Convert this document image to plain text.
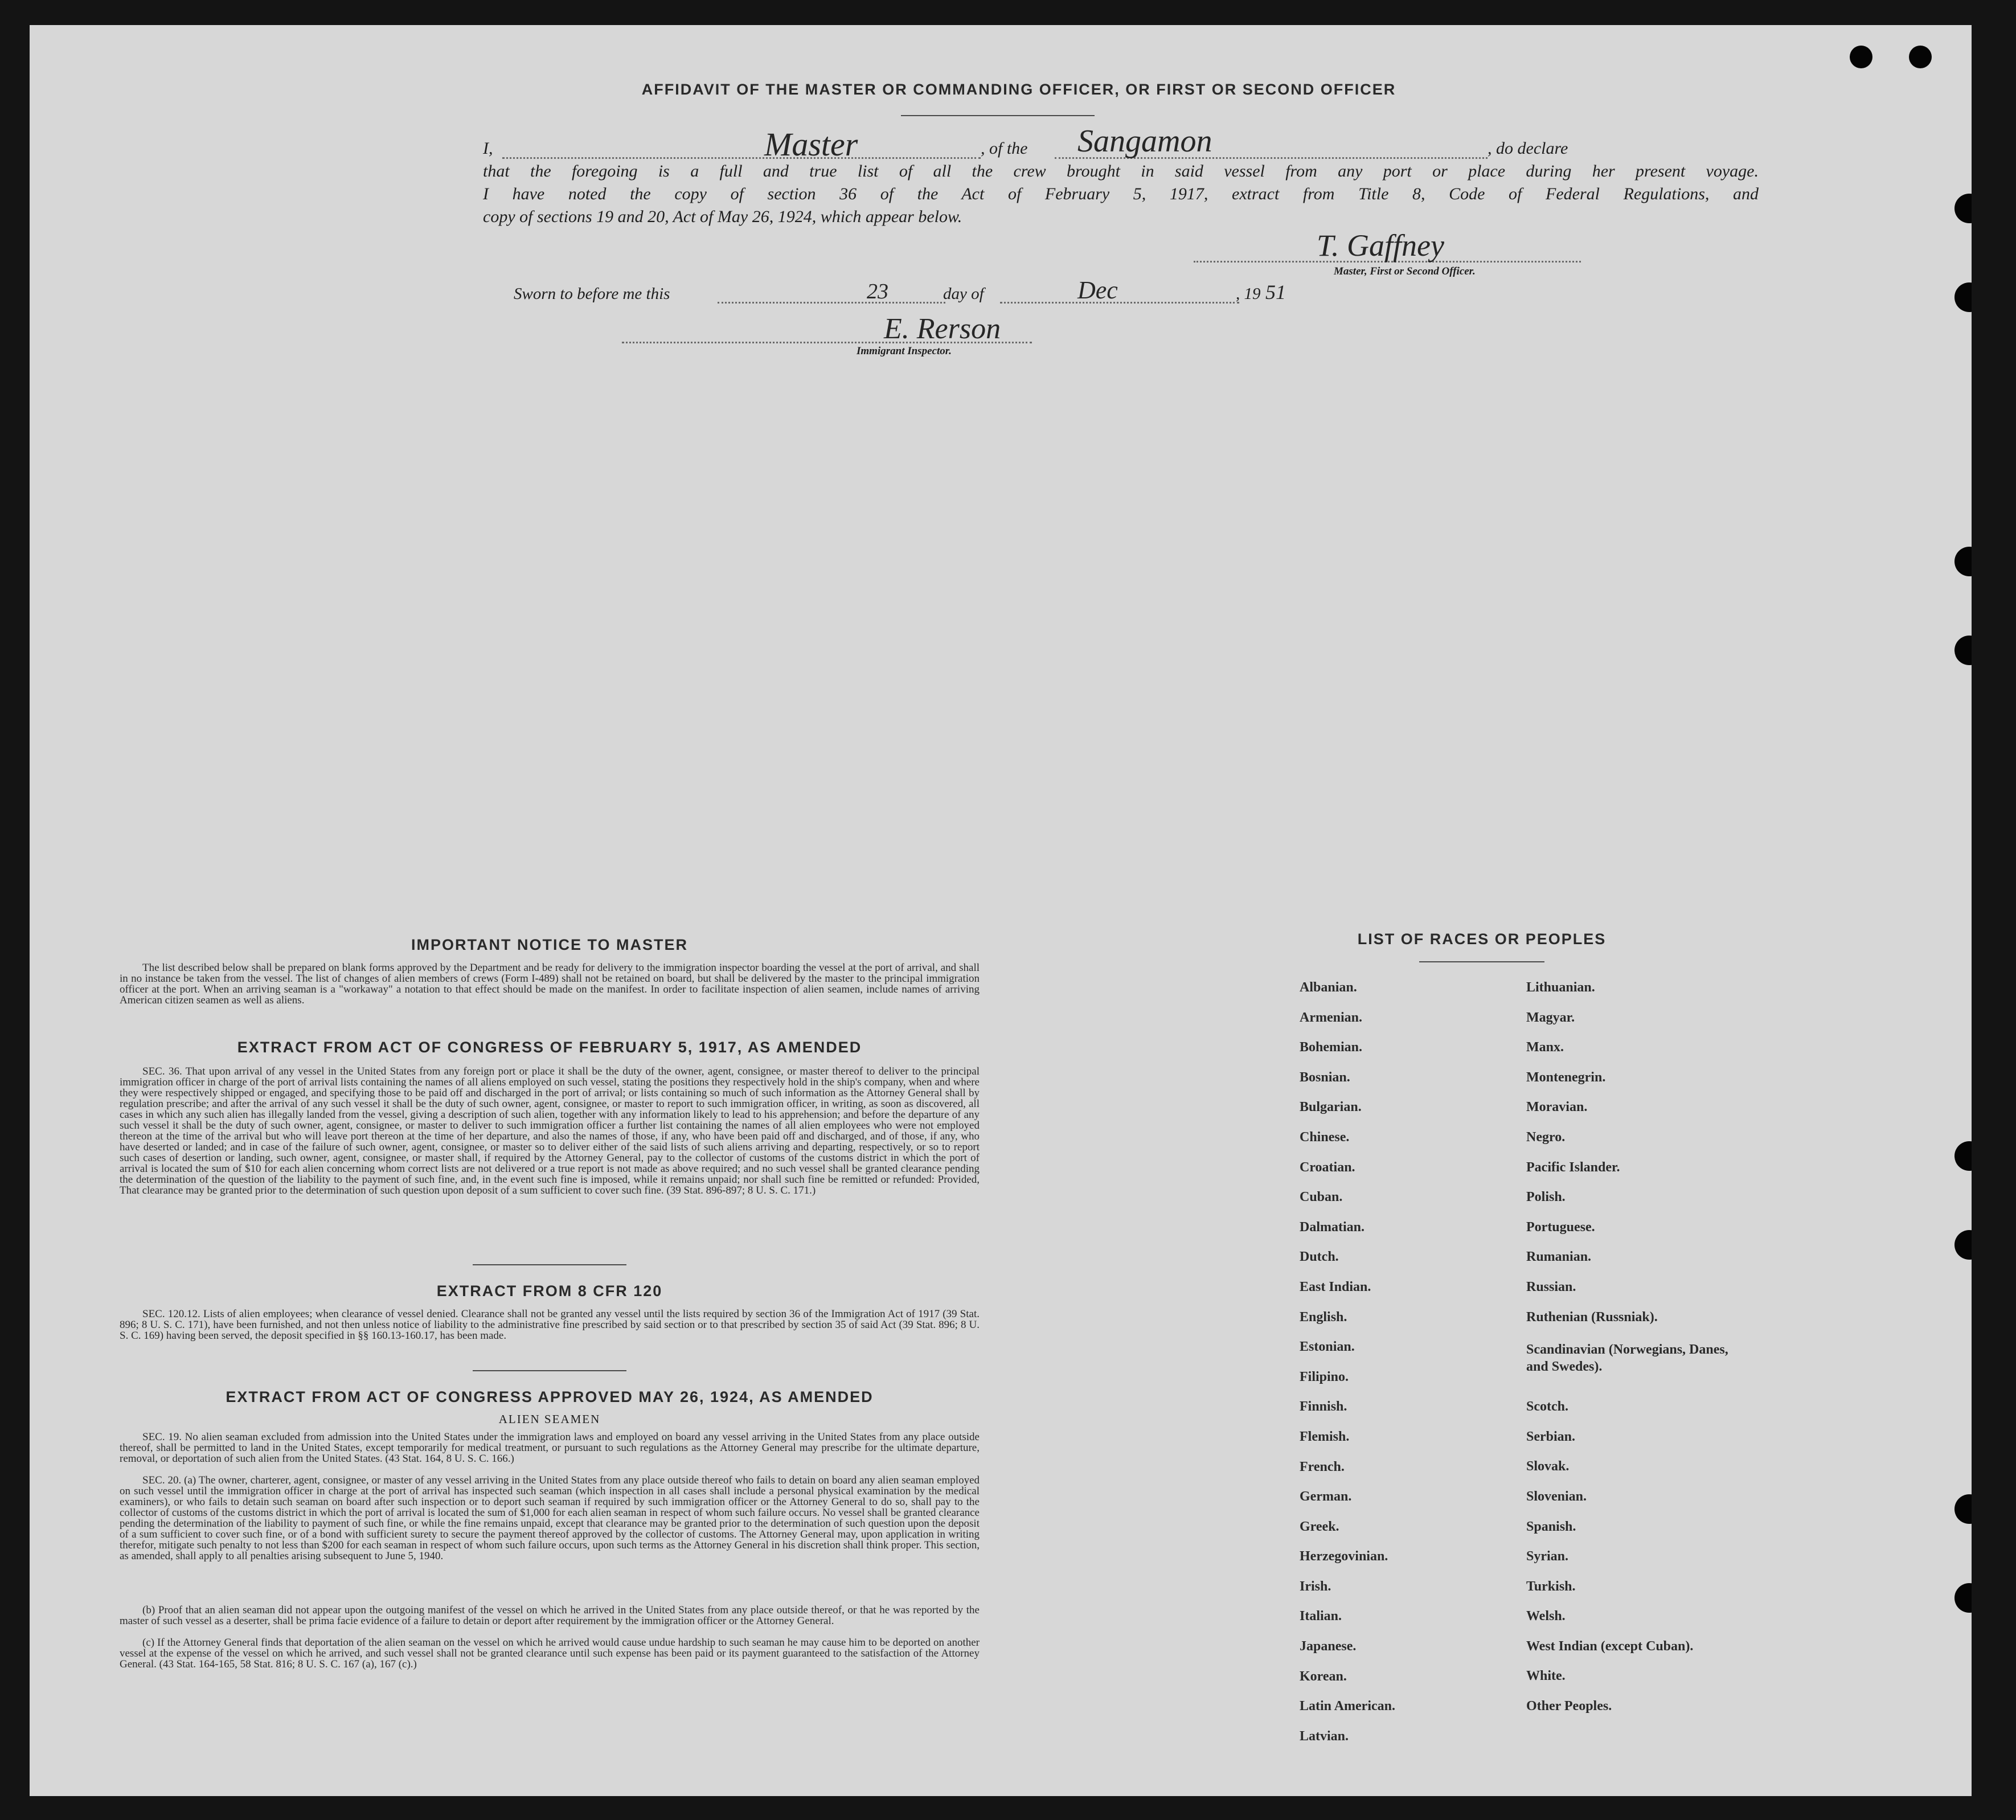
AFFIDAVIT OF THE MASTER OR COMMANDING OFFICER, OR FIRST OR SECOND OFFICER
I,	Master	, of the Sangamon	, do declare
that the foregoing is a full and true list of all the crew brought in said vessel from any port or place during her present voyage.
I have noted the copy of section 36 of the Act of February 5, 1917, extract from Title 8, Code of Federal Regulations, and
copy of sections 19 and 20, Act of May 26, 1924, which appear below.
T. Gaffney
Master, First or Second Officer.
Sworn to before me this	23	day of	Dec	, 19 51
E. Rerson
Immigrant Inspector.
IMPORTANT NOTICE TO MASTER

The list described below shall be prepared on blank forms approved by the Department and be ready for delivery to the immigration inspector boarding the vessel at the port of arrival, and shall in no instance be taken from the vessel. The list of changes of alien members of crews (Form I-489) shall not be retained on board, but shall be delivered by the master to the principal immigration officer at the port. When an arriving seaman is a "workaway" a notation to that effect should be made on the manifest. In order to facilitate inspection of alien seamen, include names of arriving American citizen seamen as well as aliens.

EXTRACT FROM ACT OF CONGRESS OF FEBRUARY 5, 1917, AS AMENDED

SEC. 36. That upon arrival of any vessel in the United States from any foreign port or place it shall be the duty of the owner, agent, consignee, or master thereof to deliver to the principal immigration officer in charge of the port of arrival lists containing the names of all aliens employed on such vessel, stating the positions they respectively hold in the ship's company, when and where they were respectively shipped or engaged, and specifying those to be paid off and discharged in the port of arrival; or lists containing so much of such information as the Attorney General shall by regulation prescribe; and after the arrival of any such vessel it shall be the duty of such owner, agent, consignee, or master to report to such immigration officer, in writing, as soon as discovered, all cases in which any such alien has illegally landed from the vessel, giving a description of such alien, together with any information likely to lead to his apprehension; and before the departure of any such vessel it shall be the duty of such owner, agent, consignee, or master to deliver to such immigration officer a further list containing the names of all alien employees who were not employed thereon at the time of the arrival but who will leave port thereon at the time of her departure, and also the names of those, if any, who have been paid off and discharged, and of those, if any, who have deserted or landed; and in case of the failure of such owner, agent, consignee, or master so to deliver either of the said lists of such aliens arriving and departing, respectively, or so to report such cases of desertion or landing, such owner, agent, consignee, or master shall, if required by the Attorney General, pay to the collector of customs of the customs district in which the port of arrival is located the sum of $10 for each alien concerning whom correct lists are not delivered or a true report is not made as above required; and no such vessel shall be granted clearance pending the determination of the question of the liability to the payment of such fine, and, in the event such fine is imposed, while it remains unpaid; nor shall such fine be remitted or refunded: Provided, That clearance may be granted prior to the determination of such question upon deposit of a sum sufficient to cover such fine. (39 Stat. 896-897; 8 U. S. C. 171.)

EXTRACT FROM 8 CFR 120

SEC. 120.12. Lists of alien employees; when clearance of vessel denied. Clearance shall not be granted any vessel until the lists required by section 36 of the Immigration Act of 1917 (39 Stat. 896; 8 U. S. C. 171), have been furnished, and not then unless notice of liability to the administrative fine prescribed by said section or to that prescribed by section 35 of said Act (39 Stat. 896; 8 U. S. C. 169) having been served, the deposit specified in §§ 160.13-160.17, has been made.

EXTRACT FROM ACT OF CONGRESS APPROVED MAY 26, 1924, AS AMENDED
ALIEN SEAMEN

SEC. 19. No alien seaman excluded from admission into the United States under the immigration laws and employed on board any vessel arriving in the United States from any place outside thereof, shall be permitted to land in the United States, except temporarily for medical treatment, or pursuant to such regulations as the Attorney General may prescribe for the ultimate departure, removal, or deportation of such alien from the United States. (43 Stat. 164, 8 U. S. C. 166.)

SEC. 20. (a) The owner, charterer, agent, consignee, or master of any vessel arriving in the United States from any place outside thereof who fails to detain on board any alien seaman employed on such vessel until the immigration officer in charge at the port of arrival has inspected such seaman (which inspection in all cases shall include a personal physical examination by the medical examiners), or who fails to detain such seaman on board after such inspection or to deport such seaman if required by such immigration officer or the Attorney General to do so, shall pay to the collector of customs of the customs district in which the port of arrival is located the sum of $1,000 for each alien seaman in respect of whom such failure occurs. No vessel shall be granted clearance pending the determination of the liability to payment of such fine, or while the fine remains unpaid, except that clearance may be granted prior to the determination of such question upon the deposit of a sum sufficient to cover such fine, or of a bond with sufficient surety to secure the payment thereof approved by the collector of customs. The Attorney General may, upon application in writing therefor, mitigate such penalty to not less than $200 for each seaman in respect of whom such failure occurs, upon such terms as the Attorney General in his discretion shall think proper. This section, as amended, shall apply to all penalties arising subsequent to June 5, 1940.

(b) Proof that an alien seaman did not appear upon the outgoing manifest of the vessel on which he arrived in the United States from any place outside thereof, or that he was reported by the master of such vessel as a deserter, shall be prima facie evidence of a failure to detain or deport after requirement by the immigration officer or the Attorney General.

(c) If the Attorney General finds that deportation of the alien seaman on the vessel on which he arrived would cause undue hardship to such seaman he may cause him to be deported on another vessel at the expense of the vessel on which he arrived, and such vessel shall not be granted clearance until such expense has been paid or its payment guaranteed to the satisfaction of the Attorney General. (43 Stat. 164-165, 58 Stat. 816; 8 U. S. C. 167 (a), 167 (c).)

LIST OF RACES OR PEOPLES
Albanian.
Armenian.
Bohemian.
Bosnian.
Bulgarian.
Chinese.
Croatian.
Cuban.
Dalmatian.
Dutch.
East Indian.
English.
Estonian.
Filipino.
Finnish.
Flemish.
French.
German.
Greek.
Herzegovinian.
Irish.
Italian.
Japanese.
Korean.
Latin American.
Latvian.
Lithuanian.
Magyar.
Manx.
Montenegrin.
Moravian.
Negro.
Pacific Islander.
Polish.
Portuguese.
Rumanian.
Russian.
Ruthenian (Russniak).
Scandinavian (Norwegians, Danes, and Swedes).
Scotch.
Serbian.
Slovak.
Slovenian.
Spanish.
Syrian.
Turkish.
Welsh.
West Indian (except Cuban).
White.
Other Peoples.
